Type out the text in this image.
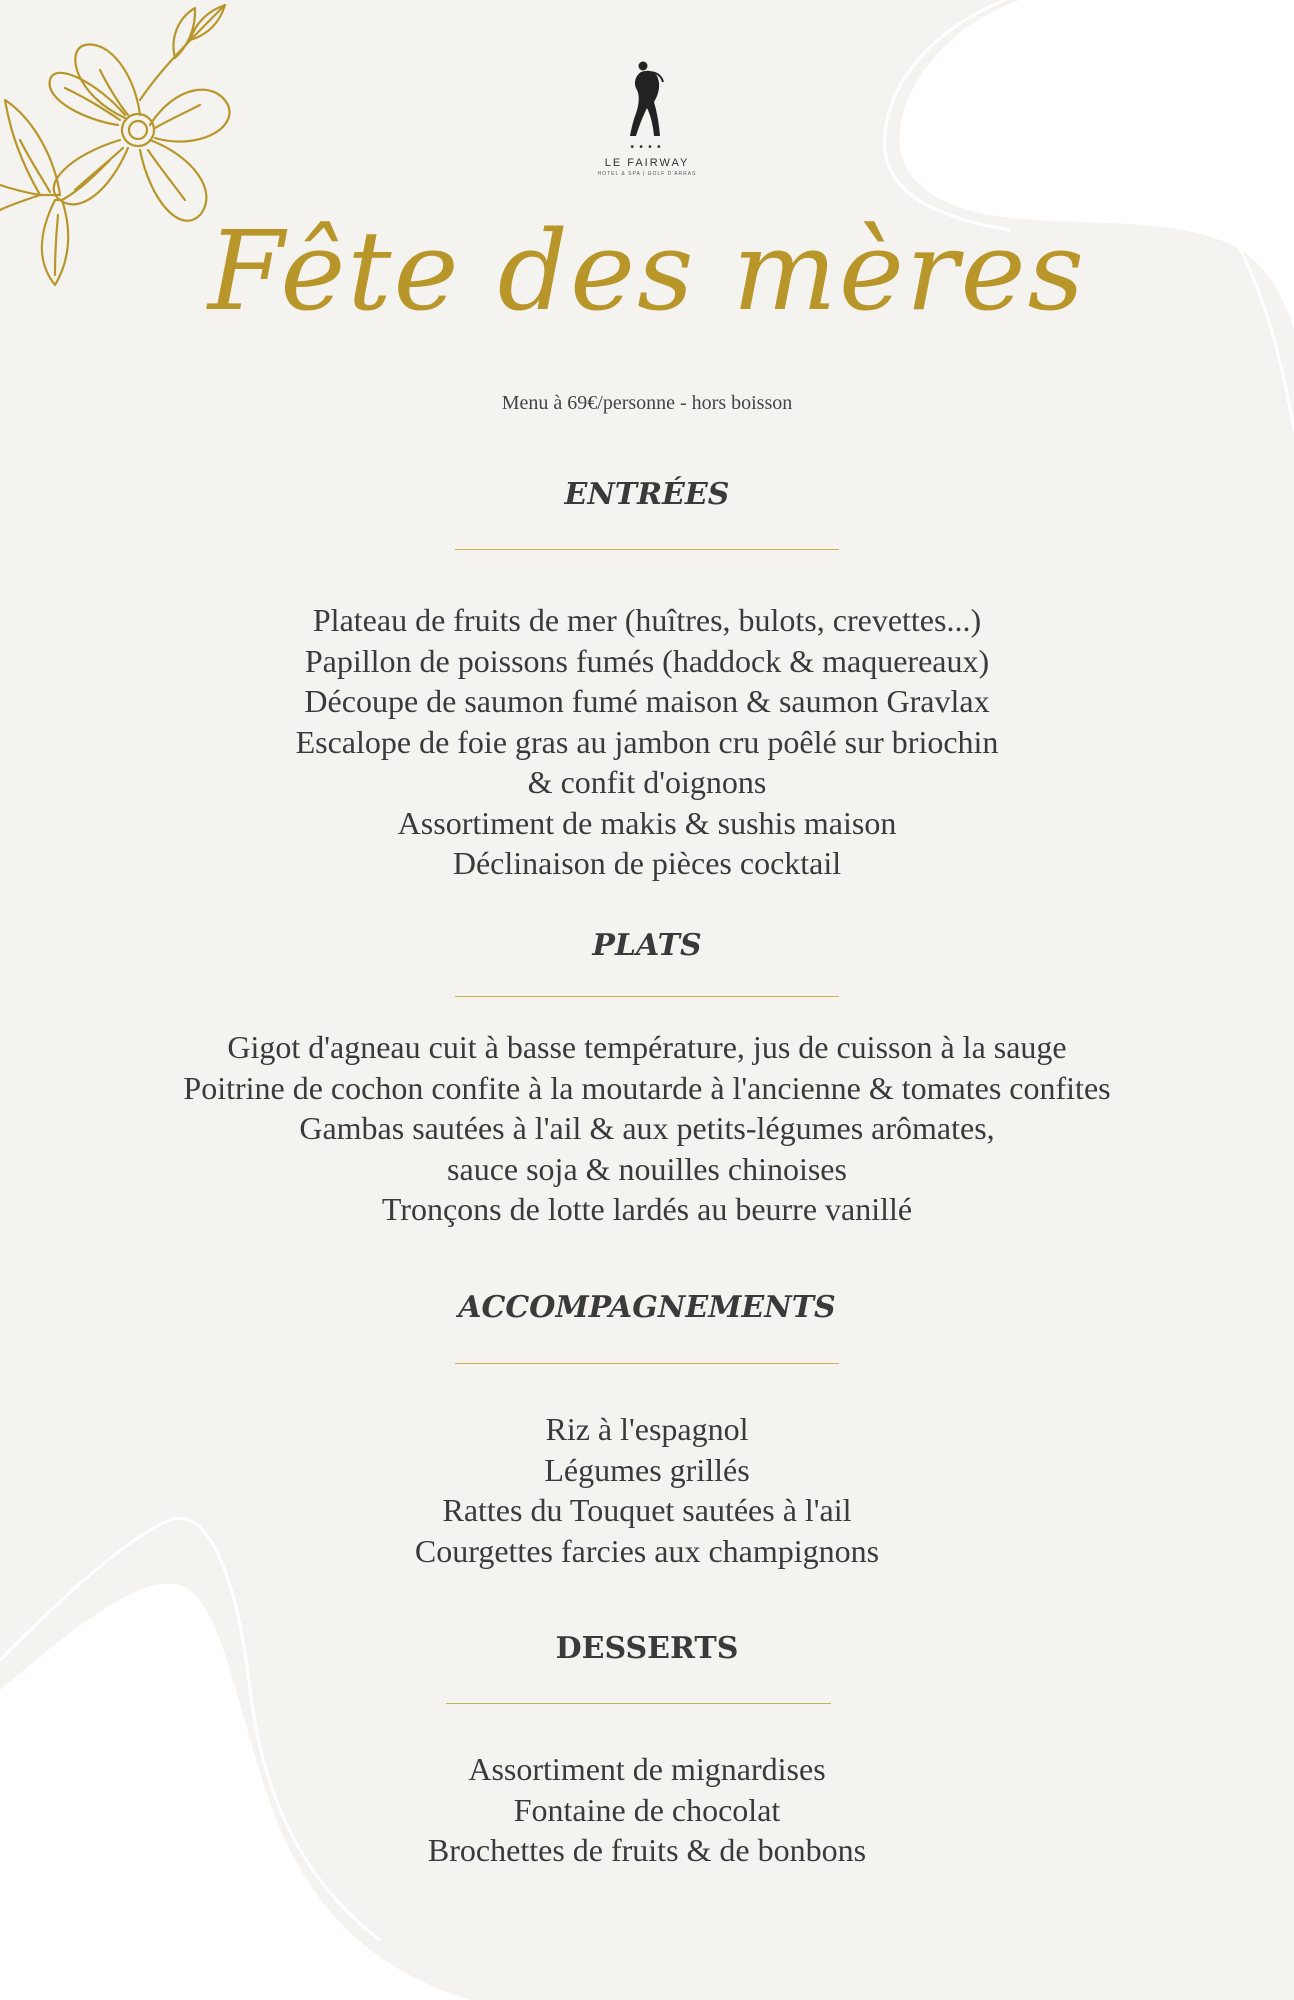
••••
LE FAIRWAY
HOTEL & SPA | GOLF D'ARRAS
Fête des mères
Menu à 69€/personne - hors boisson
ENTRÉES
Plateau de fruits de mer (huîtres, bulots, crevettes...)
Papillon de poissons fumés (haddock & maquereaux)
Découpe de saumon fumé maison & saumon Gravlax
Escalope de foie gras au jambon cru poêlé sur briochin
& confit d'oignons
Assortiment de makis & sushis maison
Déclinaison de pièces cocktail
PLATS
Gigot d'agneau cuit à basse température, jus de cuisson à la sauge
Poitrine de cochon confite à la moutarde à l'ancienne & tomates confites
Gambas sautées à l'ail & aux petits-légumes arômates,
sauce soja & nouilles chinoises
Tronçons de lotte lardés au beurre vanillé
ACCOMPAGNEMENTS
Riz à l'espagnol
Légumes grillés
Rattes du Touquet sautées à l'ail
Courgettes farcies aux champignons
DESSERTS
Assortiment de mignardises
Fontaine de chocolat
Brochettes de fruits & de bonbons
